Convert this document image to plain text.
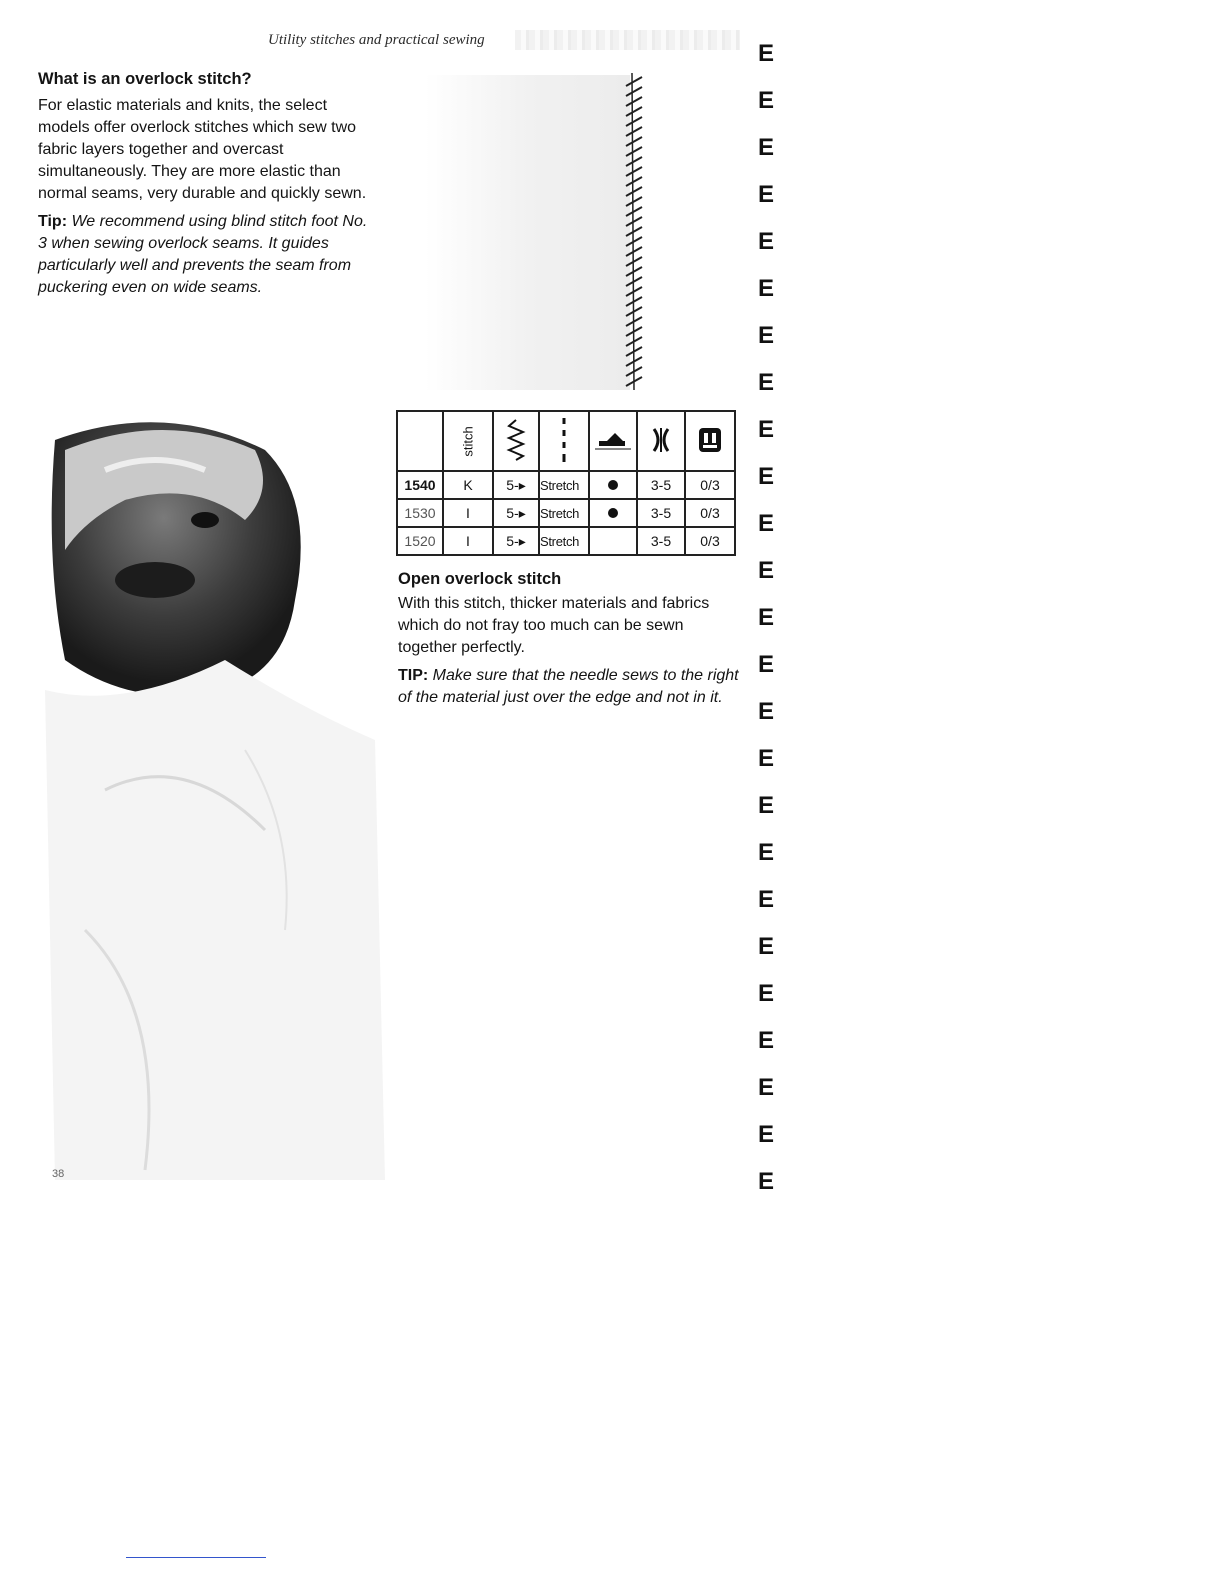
Utility stitches and practical sewing

What is an overlock stitch?

For elastic materials and knits, the select models offer overlock stitches which sew two fabric layers together and overcast simultaneously. They are more elastic than normal seams, very durable and quickly sewn.

Tip: We recommend using blind stitch foot No. 3 when sewing overlock seams. It guides particularly well and prevents the seam from puckering even on wide seams.

	stitch					
1540	K	5-▸	Stretch		3-5	0/3
1530	I	5-▸	Stretch		3-5	0/3
1520	I	5-▸	Stretch		3-5	0/3

Open overlock stitch

With this stitch, thicker materials and fabrics which do not fray too much can be sewn together perfectly.

TIP: Make sure that the needle sews to the right of the material just over the edge and not in it.

E
E
E
E
E
E
E
E
E
E
E
E
E
E
E
E
E
E
E
E
E
E
E
E
E
38
